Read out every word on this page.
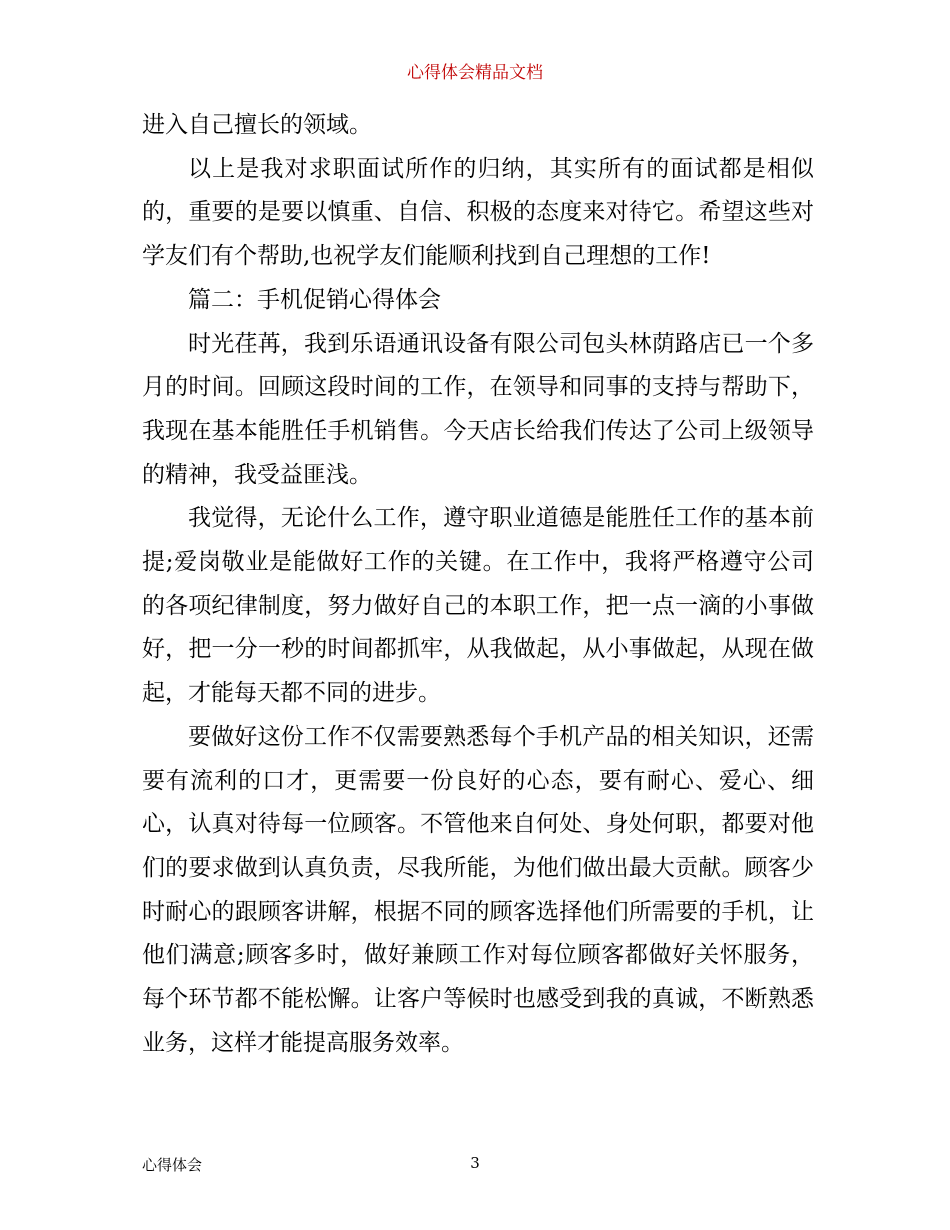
心得体会精品文档

进入自己擅长的领域。

以上是我对求职面试所作的归纳，其实所有的面试都是相似的，重要的是要以慎重、自信、积极的态度来对待它。希望这些对学友们有个帮助,也祝学友们能顺利找到自己理想的工作!

篇二：手机促销心得体会

时光荏苒，我到乐语通讯设备有限公司包头林荫路店已一个多月的时间。回顾这段时间的工作，在领导和同事的支持与帮助下，我现在基本能胜任手机销售。今天店长给我们传达了公司上级领导的精神，我受益匪浅。

我觉得，无论什么工作，遵守职业道德是能胜任工作的基本前提;爱岗敬业是能做好工作的关键。在工作中，我将严格遵守公司的各项纪律制度，努力做好自己的本职工作，把一点一滴的小事做好，把一分一秒的时间都抓牢，从我做起，从小事做起，从现在做起，才能每天都不同的进步。

要做好这份工作不仅需要熟悉每个手机产品的相关知识，还需要有流利的口才，更需要一份良好的心态，要有耐心、爱心、细心，认真对待每一位顾客。不管他来自何处、身处何职，都要对他们的要求做到认真负责，尽我所能，为他们做出最大贡献。顾客少时耐心的跟顾客讲解，根据不同的顾客选择他们所需要的手机，让他们满意;顾客多时，做好兼顾工作对每位顾客都做好关怀服务，每个环节都不能松懈。让客户等候时也感受到我的真诚，不断熟悉业务，这样才能提高服务效率。

心得体会	3
